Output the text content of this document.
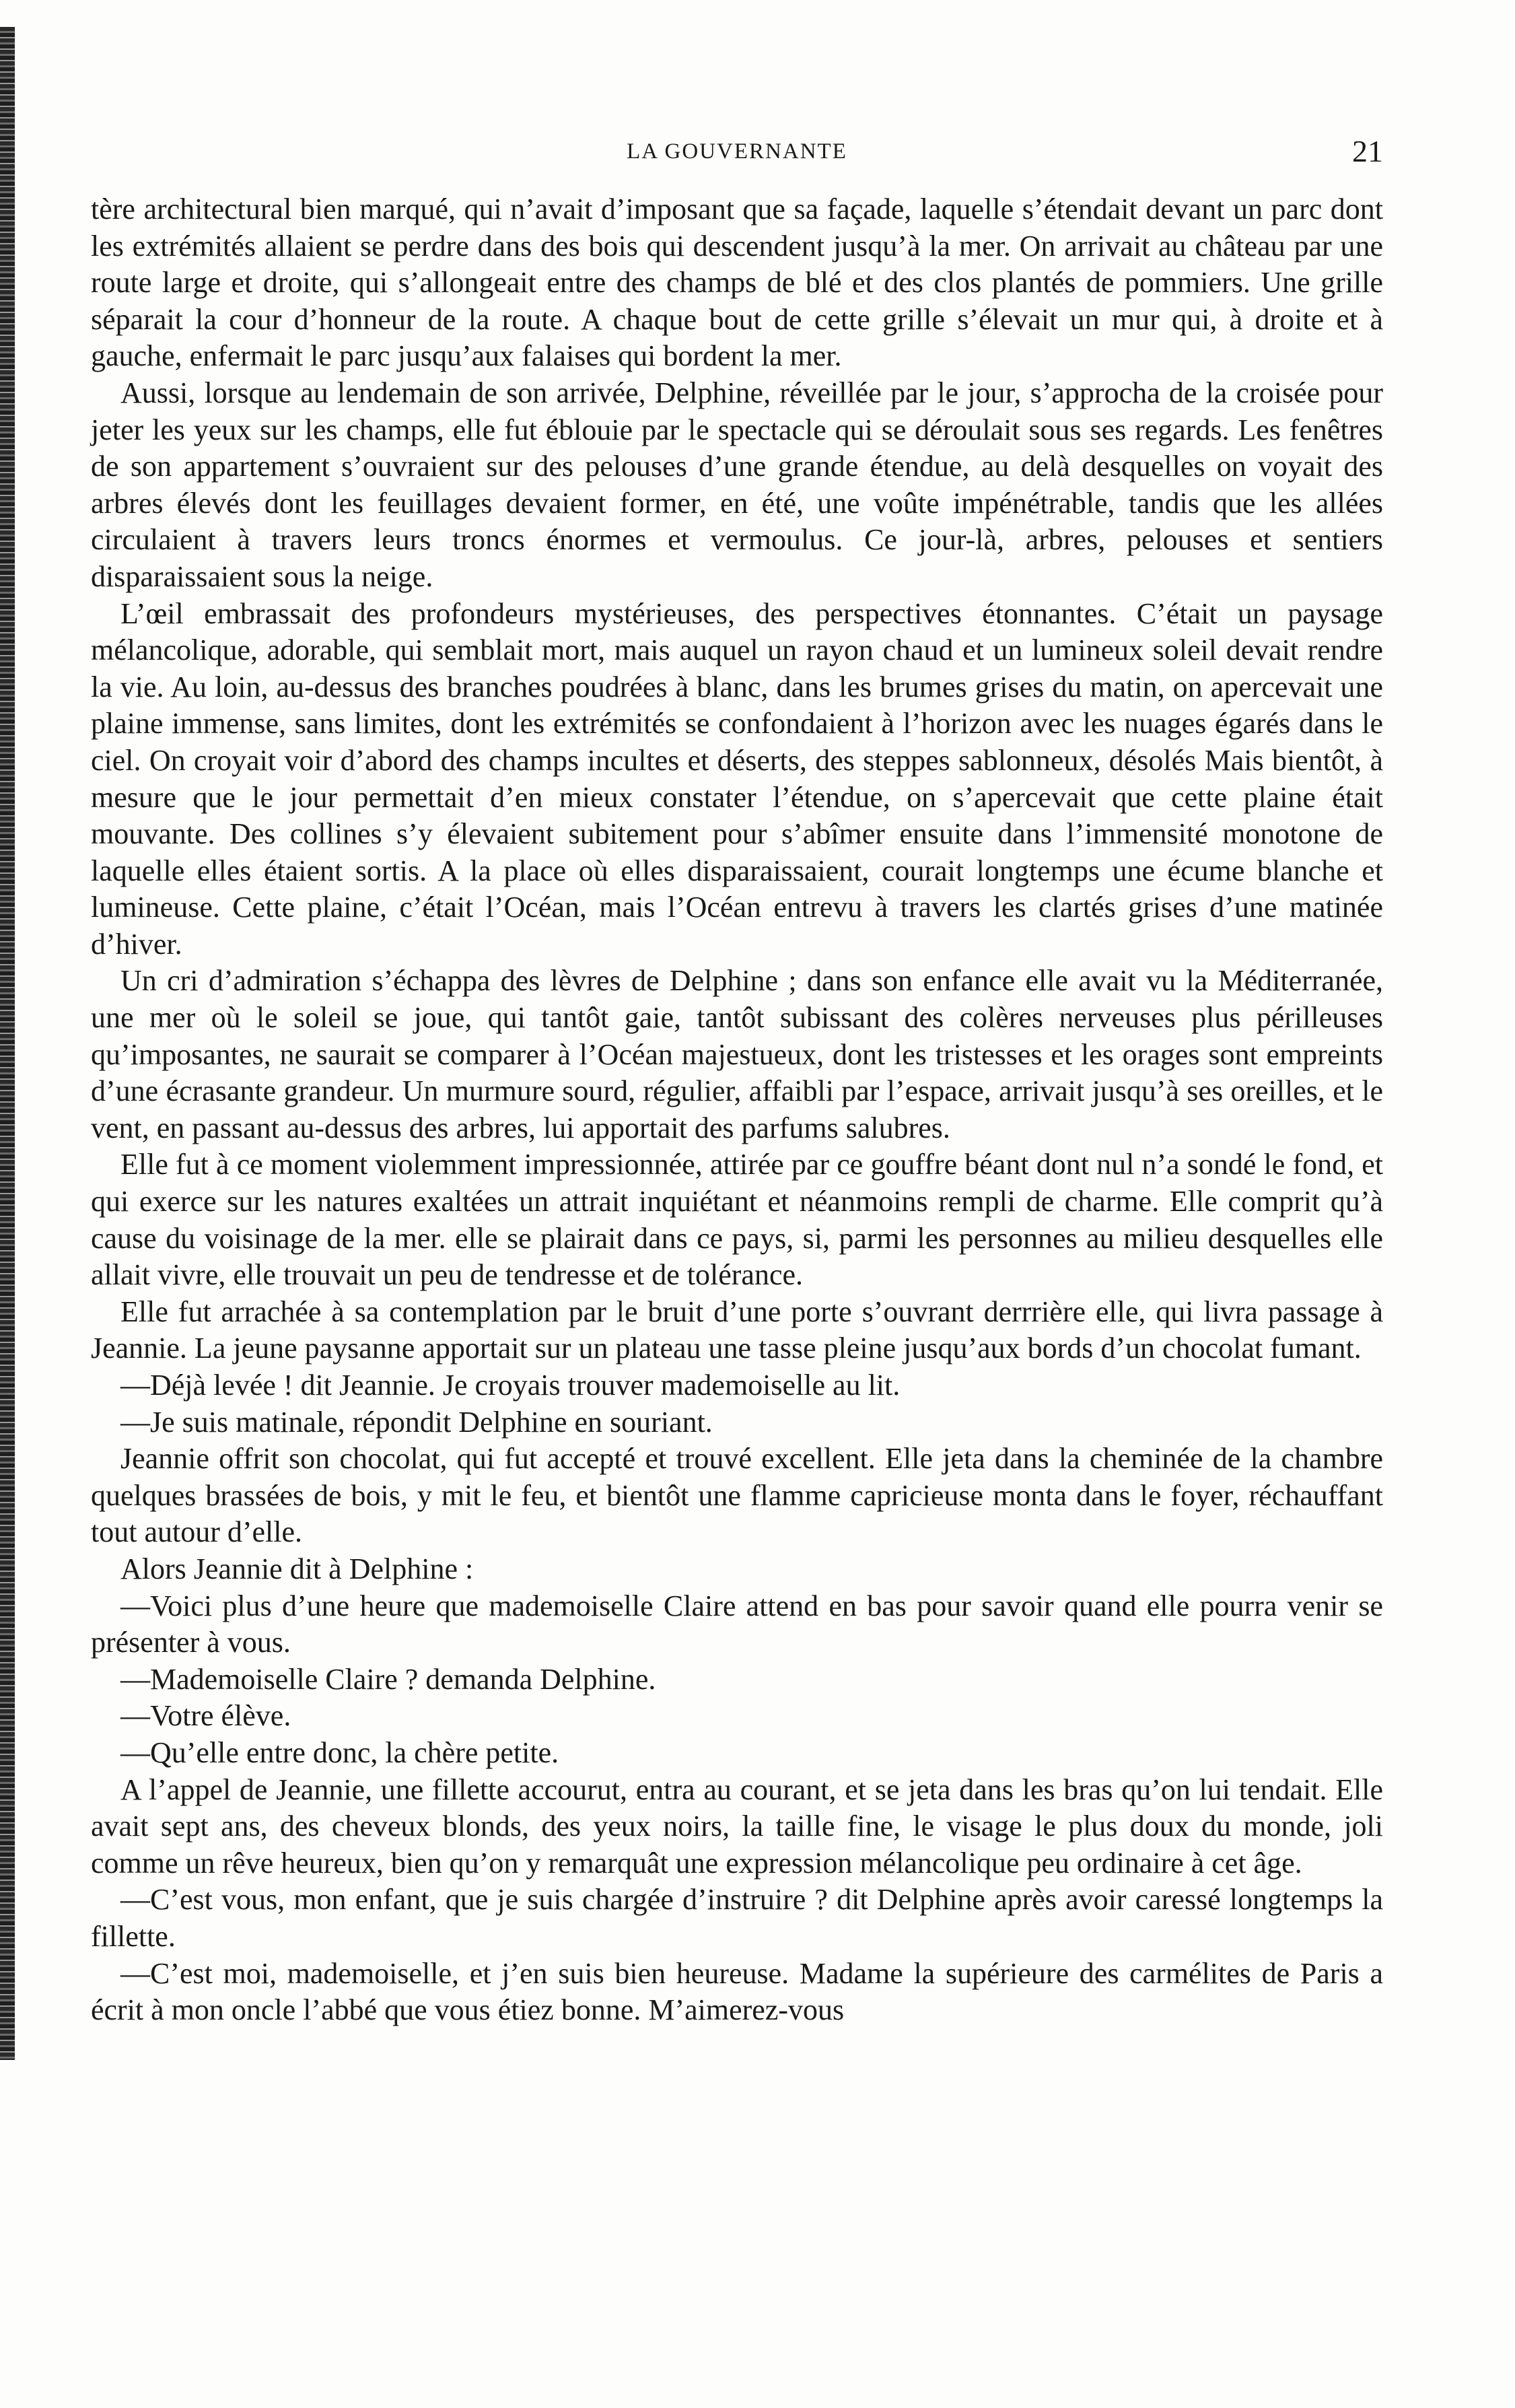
LA GOUVERNANTE	21

tère architectural bien marqué, qui n’avait d’imposant que sa façade, laquelle s’étendait devant un parc dont les extrémités allaient se perdre dans des bois qui descendent jusqu’à la mer. On arrivait au château par une route large et droite, qui s’allongeait entre des champs de blé et des clos plantés de pommiers. Une grille séparait la cour d’honneur de la route. A chaque bout de cette grille s’élevait un mur qui, à droite et à gauche, enfermait le parc jusqu’aux falaises qui bordent la mer.

Aussi, lorsque au lendemain de son arrivée, Delphine, réveillée par le jour, s’approcha de la croisée pour jeter les yeux sur les champs, elle fut éblouie par le spectacle qui se déroulait sous ses regards. Les fenêtres de son appartement s’ouvraient sur des pelouses d’une grande étendue, au delà desquelles on voyait des arbres élevés dont les feuillages devaient former, en été, une voûte impénétrable, tandis que les allées circulaient à travers leurs troncs énormes et vermoulus. Ce jour-là, arbres, pelouses et sentiers disparaissaient sous la neige.

L’œil embrassait des profondeurs mystérieuses, des perspectives étonnantes. C’était un paysage mélancolique, adorable, qui semblait mort, mais auquel un rayon chaud et un lumineux soleil devait rendre la vie. Au loin, au-dessus des branches poudrées à blanc, dans les brumes grises du matin, on apercevait une plaine immense, sans limites, dont les extrémités se confondaient à l’horizon avec les nuages égarés dans le ciel. On croyait voir d’abord des champs incultes et déserts, des steppes sablonneux, désolés Mais bientôt, à mesure que le jour permettait d’en mieux constater l’étendue, on s’apercevait que cette plaine était mouvante. Des collines s’y élevaient subitement pour s’abîmer ensuite dans l’immensité monotone de laquelle elles étaient sortis. A la place où elles disparaissaient, courait longtemps une écume blanche et lumineuse. Cette plaine, c’était l’Océan, mais l’Océan entrevu à travers les clartés grises d’une matinée d’hiver.

Un cri d’admiration s’échappa des lèvres de Delphine ; dans son enfance elle avait vu la Méditerranée, une mer où le soleil se joue, qui tantôt gaie, tantôt subissant des colères nerveuses plus périlleuses qu’imposantes, ne saurait se comparer à l’Océan majestueux, dont les tristesses et les orages sont empreints d’une écrasante grandeur. Un murmure sourd, régulier, affaibli par l’espace, arrivait jusqu’à ses oreilles, et le vent, en passant au-dessus des arbres, lui apportait des parfums salubres.

Elle fut à ce moment violemment impressionnée, attirée par ce gouffre béant dont nul n’a sondé le fond, et qui exerce sur les natures exaltées un attrait inquiétant et néanmoins rempli de charme. Elle comprit qu’à cause du voisinage de la mer. elle se plairait dans ce pays, si, parmi les personnes au milieu desquelles elle allait vivre, elle trouvait un peu de tendresse et de tolérance.

Elle fut arrachée à sa contemplation par le bruit d’une porte s’ouvrant derrrière elle, qui livra passage à Jeannie. La jeune paysanne apportait sur un plateau une tasse pleine jusqu’aux bords d’un chocolat fumant.

—Déjà levée ! dit Jeannie. Je croyais trouver mademoiselle au lit.

—Je suis matinale, répondit Delphine en souriant.

Jeannie offrit son chocolat, qui fut accepté et trouvé excellent. Elle jeta dans la cheminée de la chambre quelques brassées de bois, y mit le feu, et bientôt une flamme capricieuse monta dans le foyer, réchauffant tout autour d’elle.

Alors Jeannie dit à Delphine :

—Voici plus d’une heure que mademoiselle Claire attend en bas pour savoir quand elle pourra venir se présenter à vous.

—Mademoiselle Claire ? demanda Delphine.

—Votre élève.

—Qu’elle entre donc, la chère petite.

A l’appel de Jeannie, une fillette accourut, entra au courant, et se jeta dans les bras qu’on lui tendait. Elle avait sept ans, des cheveux blonds, des yeux noirs, la taille fine, le visage le plus doux du monde, joli comme un rêve heureux, bien qu’on y remarquât une expression mélancolique peu ordinaire à cet âge.

—C’est vous, mon enfant, que je suis chargée d’instruire ? dit Delphine après avoir caressé longtemps la fillette.

—C’est moi, mademoiselle, et j’en suis bien heureuse. Madame la supérieure des carmélites de Paris a écrit à mon oncle l’abbé que vous étiez bonne. M’aimerez-vous
